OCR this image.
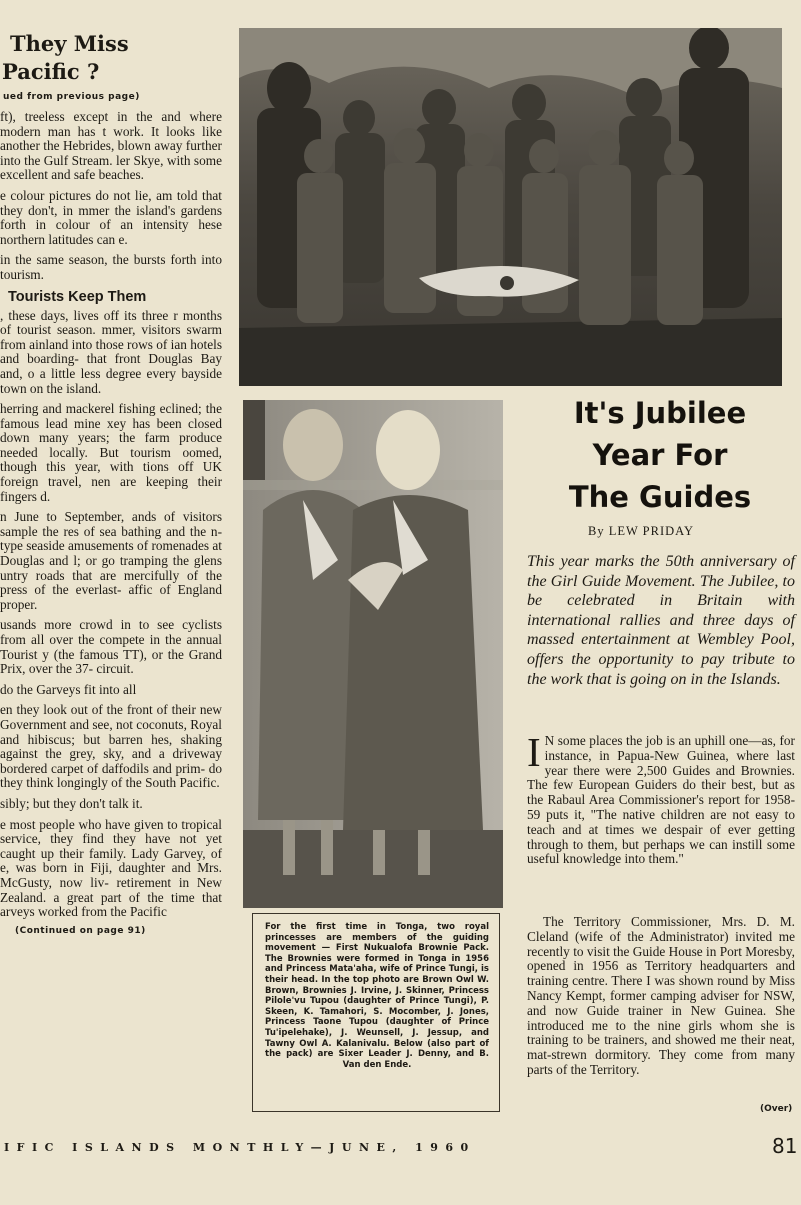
They Miss
Pacific ?
ued from previous page)

ft), treeless except in the and where modern man has t work. It looks like another the Hebrides, blown away further into the Gulf Stream. ler Skye, with some excellent and safe beaches.

e colour pictures do not lie, am told that they don't, in mmer the island's gardens forth in colour of an intensity hese northern latitudes can e.

in the same season, the bursts forth into tourism.

Tourists Keep Them

, these days, lives off its three r months of tourist season. mmer, visitors swarm from ainland into those rows of ian hotels and boarding- that front Douglas Bay and, o a little less degree every bayside town on the island.

herring and mackerel fishing eclined; the famous lead mine xey has been closed down many years; the farm produce needed locally. But tourism oomed, though this year, with tions off UK foreign travel, nen are keeping their fingers d.

n June to September, ands of visitors sample the res of sea bathing and the n-type seaside amusements of romenades at Douglas and l; or go tramping the glens untry roads that are mercifully of the press of the everlast- affic of England proper.

usands more crowd in to see cyclists from all over the compete in the annual Tourist y (the famous TT), or the Grand Prix, over the 37- circuit.

do the Garveys fit into all

en they look out of the front of their new Government and see, not coconuts, Royal and hibiscus; but barren hes, shaking against the grey, sky, and a driveway bordered carpet of daffodils and prim- do they think longingly of the South Pacific.

sibly; but they don't talk it.

e most people who have given to tropical service, they find they have not yet caught up their family. Lady Garvey, of e, was born in Fiji, daughter and Mrs. McGusty, now liv- retirement in New Zealand. a great part of the time that arveys worked from the Pacific

(Continued on page 91)	For the first time in Tonga, two royal princesses are members of the guiding movement — First Nukualofa Brownie Pack. The Brownies were formed in Tonga in 1956 and Princess Mata'aha, wife of Prince Tungi, is their head. In the top photo are Brown Owl W. Brown, Brownies J. Irvine, J. Skinner, Princess Pilole'vu Tupou (daughter of Prince Tungi), P. Skeen, K. Tamahori, S. Mocomber, J. Jones, Princess Taone Tupou (daughter of Prince Tu'ipelehake), J. Weunsell, J. Jessup, and Tawny Owl A. Kalanivalu. Below (also part of the pack) are Sixer Leader J. Denny, and B. Van den Ende.
It's Jubilee
Year For
The Guides
By LEW PRIDAY
This year marks the 50th anniversary of the Girl Guide Movement. The Jubilee, to be celebrated in Britain with international rallies and three days of massed entertainment at Wembley Pool, offers the opportunity to pay tribute to the work that is going on in the Islands.
I N some places the job is an uphill one—as, for instance, in Papua-New Guinea, where last year there were 2,500 Guides and Brownies. The few European Guiders do their best, but as the Rabaul Area Commissioner's report for 1958-59 puts it, "The native children are not easy to teach and at times we despair of ever getting through to them, but perhaps we can instill some useful knowledge into them."
The Territory Commissioner, Mrs. D. M. Cleland (wife of the Administrator) invited me recently to visit the Guide House in Port Moresby, opened in 1956 as Territory headquarters and training centre. There I was shown round by Miss Nancy Kempt, former camping adviser for NSW, and now Guide trainer in New Guinea. She introduced me to the nine girls whom she is training to be trainers, and showed me their neat, mat-strewn dormitory. They come from many parts of the Territory.
(Over)
IFIC ISLANDS MONTHLY—JUNE, 1960	81
